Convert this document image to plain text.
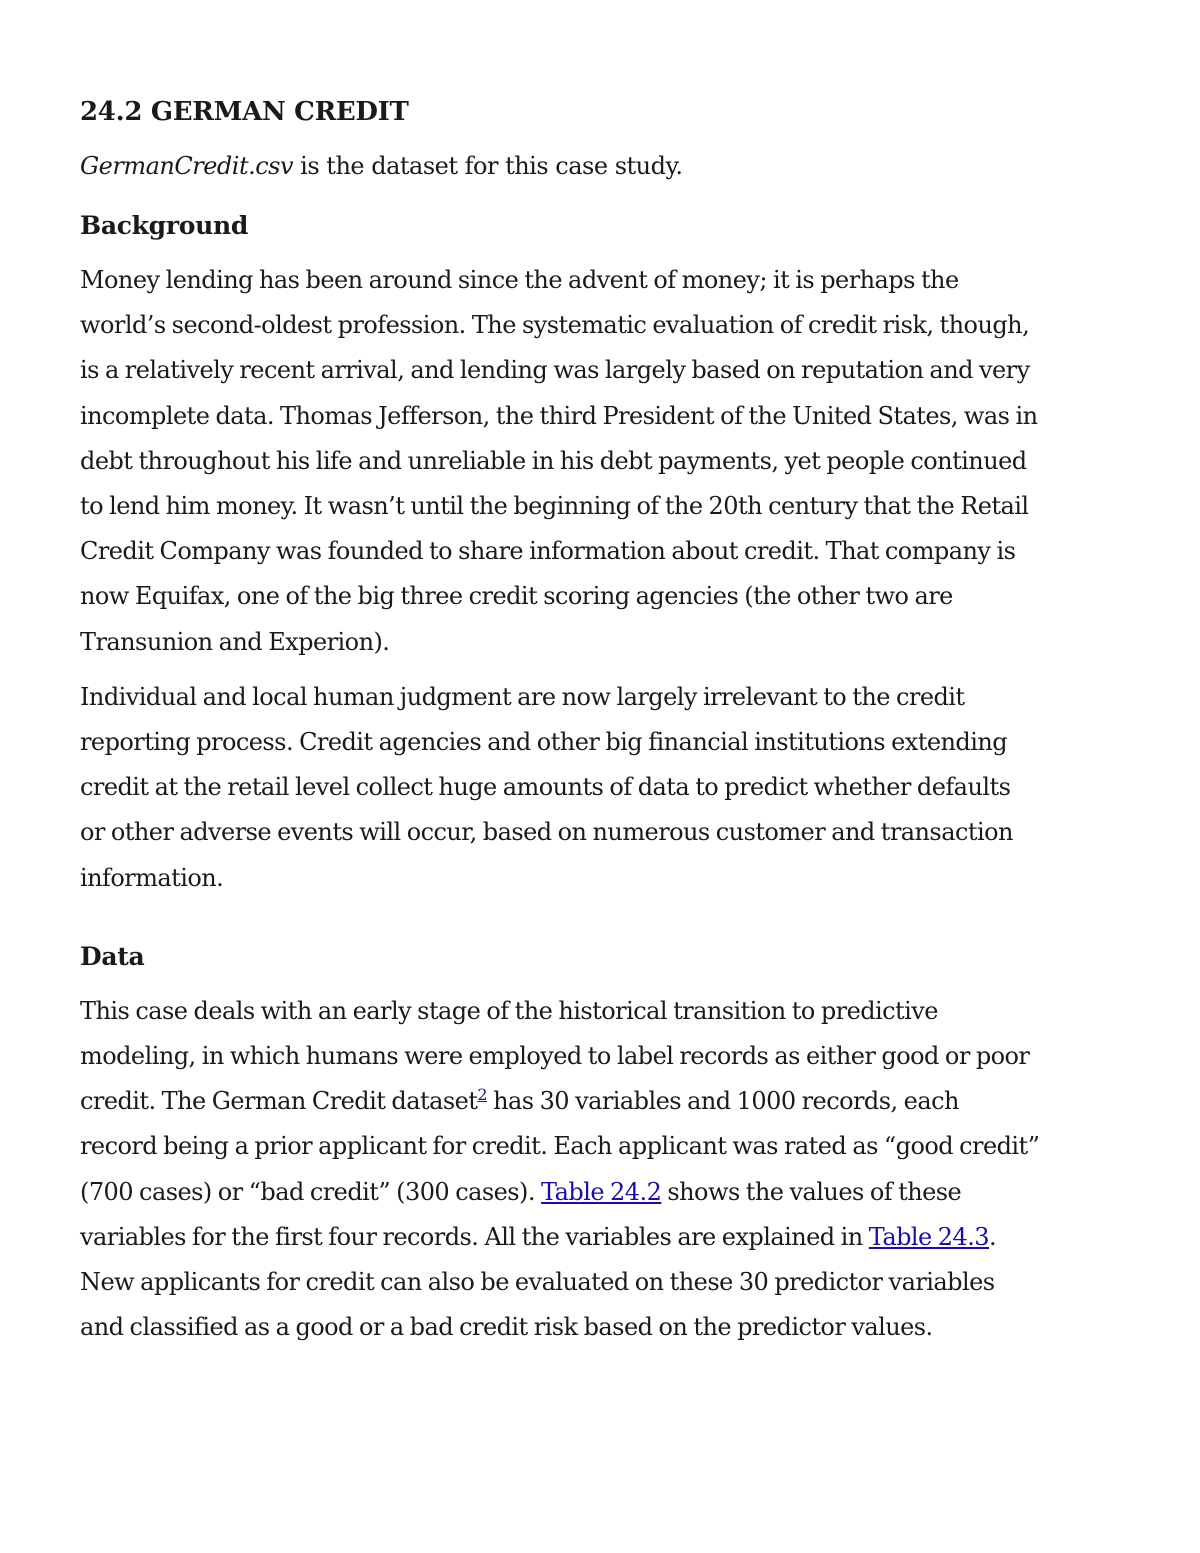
24.2 GERMAN CREDIT

GermanCredit.csv is the dataset for this case study.

Background

Money lending has been around since the advent of money; it is perhaps the world’s second-oldest profession. The systematic evaluation of credit risk, though, is a relatively recent arrival, and lending was largely based on reputation and very incomplete data. Thomas Jefferson, the third President of the United States, was in debt throughout his life and unreliable in his debt payments, yet people continued to lend him money. It wasn’t until the beginning of the 20th century that the Retail Credit Company was founded to share information about credit. That company is now Equifax, one of the big three credit scoring agencies (the other two are Transunion and Experion).

Individual and local human judgment are now largely irrelevant to the credit reporting process. Credit agencies and other big financial institutions extending credit at the retail level collect huge amounts of data to predict whether defaults or other adverse events will occur, based on numerous customer and transaction information.

Data

This case deals with an early stage of the historical transition to predictive modeling, in which humans were employed to label records as either good or poor credit. The German Credit dataset$^2$ has 30 variables and 1000 records, each record being a prior applicant for credit. Each applicant was rated as “good credit” (700 cases) or “bad credit” (300 cases). Table 24.2 shows the values of these variables for the first four records. All the variables are explained in Table 24.3. New applicants for credit can also be evaluated on these 30 predictor variables and classified as a good or a bad credit risk based on the predictor values.
